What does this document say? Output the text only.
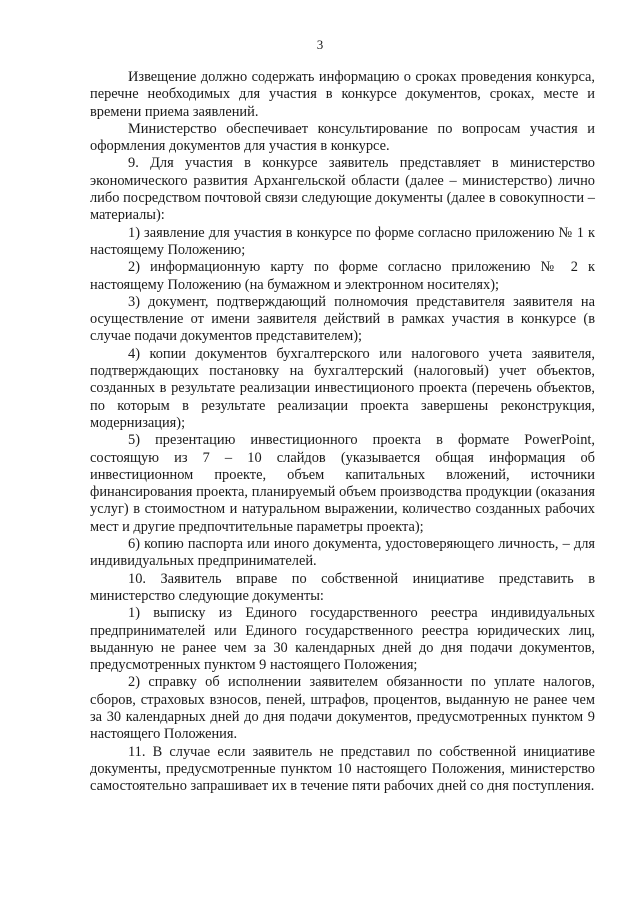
3

Извещение должно содержать информацию о сроках проведения конкурса, перечне необходимых для участия в конкурсе документов, сроках, месте и времени приема заявлений.

Министерство обеспечивает консультирование по вопросам участия и оформления документов для участия в конкурсе.

9. Для участия в конкурсе заявитель представляет в министерство экономического развития Архангельской области (далее – министерство) лично либо посредством почтовой связи следующие документы (далее в совокупности – материалы):

1) заявление для участия в конкурсе по форме согласно приложению № 1 к настоящему Положению;

2) информационную карту по форме согласно приложению № 2 к настоящему Положению (на бумажном и электронном носителях);

3) документ, подтверждающий полномочия представителя заявителя на осуществление от имени заявителя действий в рамках участия в конкурсе (в случае подачи документов представителем);

4) копии документов бухгалтерского или налогового учета заявителя, подтверждающих постановку на бухгалтерский (налоговый) учет объектов, созданных в результате реализации инвестиционого проекта (перечень объектов, по которым в результате реализации проекта завершены реконструкция, модернизация);

5) презентацию инвестиционного проекта в формате PowerPoint, состоящую из 7 – 10 слайдов (указывается общая информация об инвестиционном проекте, объем капитальных вложений, источники финансирования проекта, планируемый объем производства продукции (оказания услуг) в стоимостном и натуральном выражении, количество созданных рабочих мест и другие предпочтительные параметры проекта);

6) копию паспорта или иного документа, удостоверяющего личность, – для индивидуальных предпринимателей.

10. Заявитель вправе по собственной инициативе представить в министерство следующие документы:

1) выписку из Единого государственного реестра индивидуальных предпринимателей или Единого государственного реестра юридических лиц, выданную не ранее чем за 30 календарных дней до дня подачи документов, предусмотренных пунктом 9 настоящего Положения;

2) справку об исполнении заявителем обязанности по уплате налогов, сборов, страховых взносов, пеней, штрафов, процентов, выданную не ранее чем за 30 календарных дней до дня подачи документов, предусмотренных пунктом 9 настоящего Положения.

11. В случае если заявитель не представил по собственной инициативе документы, предусмотренные пунктом 10 настоящего Положения, министерство самостоятельно запрашивает их в течение пяти рабочих дней со дня поступления.
